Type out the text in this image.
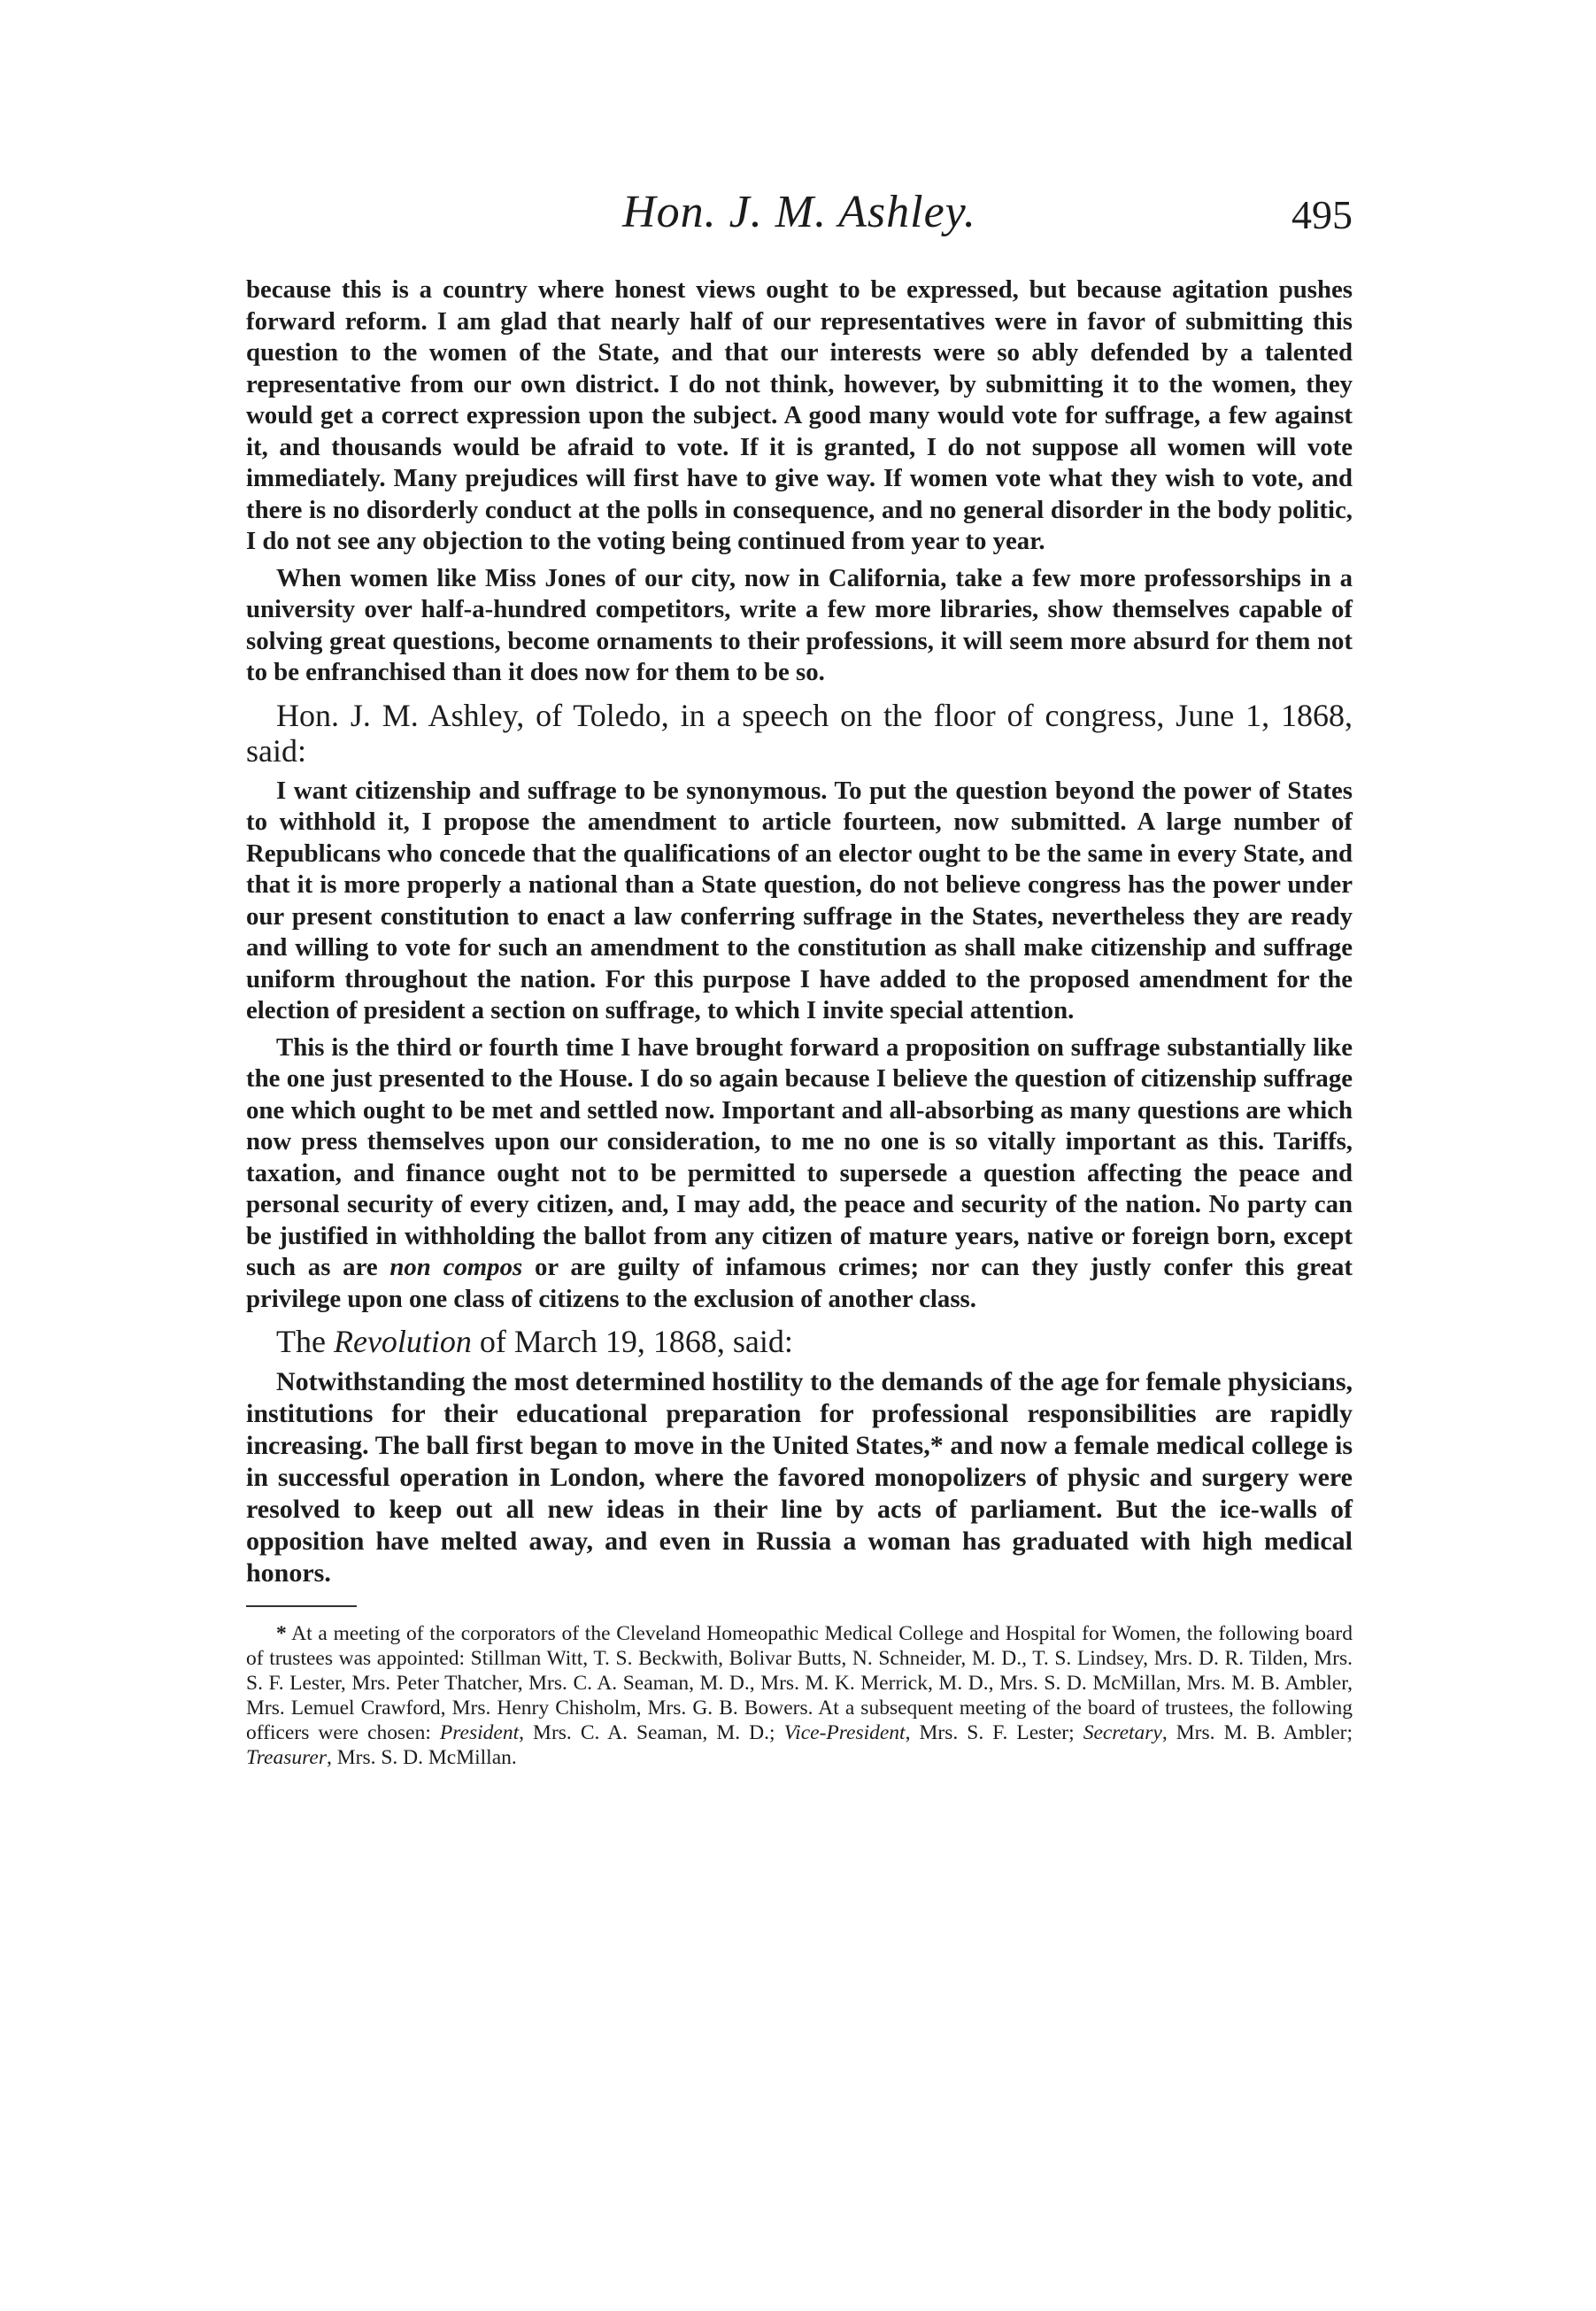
Hon. J. M. Ashley.	495

because this is a country where honest views ought to be expressed, but because agitation pushes forward reform. I am glad that nearly half of our representatives were in favor of submitting this question to the women of the State, and that our interests were so ably defended by a talented representative from our own district. I do not think, however, by submitting it to the women, they would get a correct expression upon the subject. A good many would vote for suffrage, a few against it, and thousands would be afraid to vote. If it is granted, I do not suppose all women will vote immediately. Many prejudices will first have to give way. If women vote what they wish to vote, and there is no disorderly conduct at the polls in consequence, and no general disorder in the body politic, I do not see any objection to the voting being continued from year to year.

When women like Miss Jones of our city, now in California, take a few more professorships in a university over half-a-hundred competitors, write a few more libraries, show themselves capable of solving great questions, become ornaments to their professions, it will seem more absurd for them not to be enfranchised than it does now for them to be so.

Hon. J. M. Ashley, of Toledo, in a speech on the floor of congress, June 1, 1868, said:

I want citizenship and suffrage to be synonymous. To put the question beyond the power of States to withhold it, I propose the amendment to article fourteen, now submitted. A large number of Republicans who concede that the qualifications of an elector ought to be the same in every State, and that it is more properly a national than a State question, do not believe congress has the power under our present constitution to enact a law conferring suffrage in the States, nevertheless they are ready and willing to vote for such an amendment to the constitution as shall make citizenship and suffrage uniform throughout the nation. For this purpose I have added to the proposed amendment for the election of president a section on suffrage, to which I invite special attention.

This is the third or fourth time I have brought forward a proposition on suffrage substantially like the one just presented to the House. I do so again because I believe the question of citizenship suffrage one which ought to be met and settled now. Important and all-absorbing as many questions are which now press themselves upon our consideration, to me no one is so vitally important as this. Tariffs, taxation, and finance ought not to be permitted to supersede a question affecting the peace and personal security of every citizen, and, I may add, the peace and security of the nation. No party can be justified in withholding the ballot from any citizen of mature years, native or foreign born, except such as are non compos or are guilty of infamous crimes; nor can they justly confer this great privilege upon one class of citizens to the exclusion of another class.

The Revolution of March 19, 1868, said:

Notwithstanding the most determined hostility to the demands of the age for female physicians, institutions for their educational preparation for professional responsibilities are rapidly increasing. The ball first began to move in the United States,* and now a female medical college is in successful operation in London, where the favored monopolizers of physic and surgery were resolved to keep out all new ideas in their line by acts of parliament. But the ice-walls of opposition have melted away, and even in Russia a woman has graduated with high medical honors.

* At a meeting of the corporators of the Cleveland Homeopathic Medical College and Hospital for Women, the following board of trustees was appointed: Stillman Witt, T. S. Beckwith, Bolivar Butts, N. Schneider, M. D., T. S. Lindsey, Mrs. D. R. Tilden, Mrs. S. F. Lester, Mrs. Peter Thatcher, Mrs. C. A. Seaman, M. D., Mrs. M. K. Merrick, M. D., Mrs. S. D. McMillan, Mrs. M. B. Ambler, Mrs. Lemuel Crawford, Mrs. Henry Chisholm, Mrs. G. B. Bowers. At a subsequent meeting of the board of trustees, the following officers were chosen: President, Mrs. C. A. Seaman, M. D.; Vice-President, Mrs. S. F. Lester; Secretary, Mrs. M. B. Ambler; Treasurer, Mrs. S. D. McMillan.
